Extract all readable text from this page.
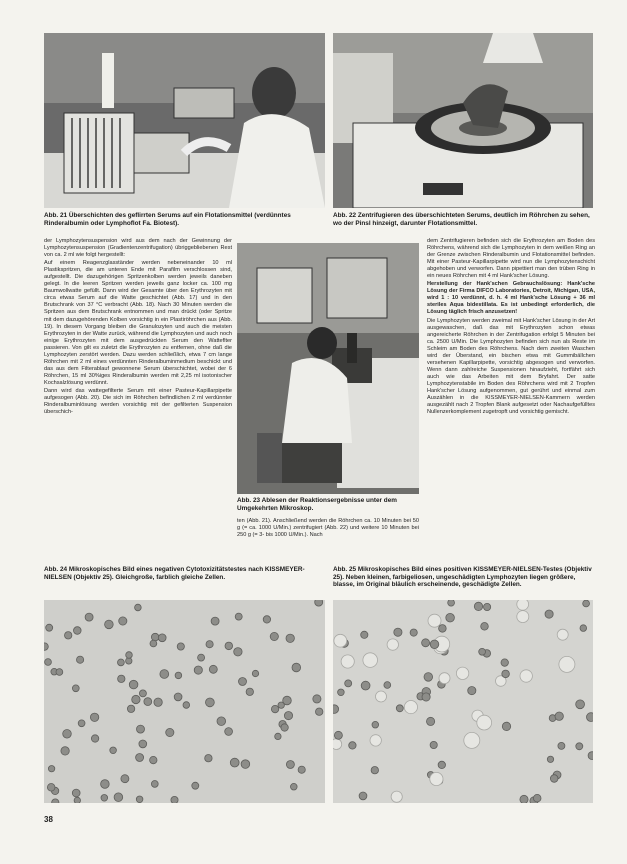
Abb. 21 Überschichten des geflirrten Serums auf ein Flotationsmittel (verdünntes Rinderalbumin oder Lymphoflot Fa. Biotest).
Abb. 22 Zentrifugieren des überschichteten Serums, deutlich im Röhrchen zu sehen, wo der Pinsl hinzeigt, darunter Flotationsmittel.

der Lymphozytensuspension wird aus dem nach der Gewinnung der Lymphozytensuspension (Gradientenzentrifugation) übriggebliebenen Rest von ca. 2 ml wie folgt hergestellt:

Auf einem Reagenzglasständer werden nebeneinander 10 ml Plastikspritzen, die am unteren Ende mit Parafilm verschlossen sind, aufgestellt. Die dazugehörigen Spritzenkolben werden jeweils daneben gelegt. In die leeren Spritzen werden jeweils ganz locker ca. 100 mg Baumwollwatte gefüllt. Dann wird der Gesamte über den Erythrozyten mit circa etwas Serum auf die Watte geschichtet (Abb. 17) und in den Brutschrank von 37 °C verbracht (Abb. 18). Nach 30 Minuten werden die Spritzen aus dem Brutschrank entnommen und man drückt (oder Spritze mit dem dazugehörenden Kolben vorsichtig in ein Plastiröhrchen aus (Abb. 19). In diesem Vorgang bleiben die Granulozyten und auch die meisten Erythrozyten in der Watte zurück, während die Lymphozyten und auch noch einige Erythrozyten mit dem ausgedrückten Serum den Watteflter passieren. Von gilt es zuletzt die Erythrozyten zu entfernen, ohne daß die Lymphozyten zerstört werden. Dazu werden schließlich, etwa 7 cm lange Röhrchen mit 2 ml eines verdünnten Rinderalbuminmedium beschickt und das aus dem Filterablauf gewonnene Serum überschichtet, wobei der 6 Röhrchen, 15 ml 30%iges Rinderalbumin werden mit 2,25 ml isotonischer Kochsalzlösung verdünnt.

Dann wird das wattegefilterte Serum mit einer Pasteur-Kapillarpipette aufgesogen (Abb. 20). Die sich im Röhrchen befindlichen 2 ml verdünnter Rinderalbuminlösung werden vorsichtig mit der gefilterten Suspension überschich-

Abb. 23 Ablesen der Reaktionsergebnisse unter dem Umgekehrten Mikroskop.
ten (Abb. 21). Anschließend werden die Röhrchen ca. 10 Minuten bei 50 g (= ca. 1000 U/Min.) zentrifugiert (Abb. 22) und weitere 10 Minuten bei 250 g (= 3- bis 1000 U/Min.). Nach

dem Zentrifugieren befinden sich die Erythrozyten am Boden des Röhrchens, während sich die Lymphozyten in dem weißen Ring an der Grenze zwischen Rinderalbumin und Flotationsmittel befinden. Mit einer Pasteur-Kapillarpipette wird nun die Lymphozytenschicht abgehoben und verworfen. Dann pipettiert man den trüben Ring in ein neues Röhrchen mit 4 ml Hank'scher Lösung.

Herstellung der Hank'schen Gebrauchslösung: Hank'sche Lösung der Firma DIFCO Laboratories, Detroit, Michigan, USA, wird 1 : 10 verdünnt, d. h. 4 ml Hank'sche Lösung + 36 ml steriles Aqua bidestillata. Es ist unbedingt erforderlich, die Lösung täglich frisch anzusetzen!

Die Lymphozyten werden zweimal mit Hank'scher Lösung in der Art ausgewaschen, daß das mit Erythrozyten schon etwas angereicherte Röhrchen in der Zentrifugation erfolgt 5 Minuten bei ca. 2500 U/Min. Die Lymphozyten befinden sich nun als Reste im Schleim am Boden des Röhrchens. Nach dem zweiten Waschen wird der Überstand, ein bischen etwa mit Gummibällchen versehenen Kapillarpipette, vorsichtig abgesogen und verworfen. Wenn dann zahlreiche Suspensionen hinaufzieht, fortfährt sich auch wie das Arbeiten mit dem Bryfahrt. Der satte Lymphozytenstabile im Boden des Röhrchens wird mit 2 Tropfen Hank'scher Lösung aufgenommen, gut gerührt und einmal zum Auszählen in die KISSMEYER-NIELSEN-Kammern werden ausgezählt nach 2 Tropfen Blank aufgesetzt oder Nachaufgefülltes Nullenzerkomplement zugetropft und vorsichtig gemischt.

Abb. 24 Mikroskopisches Bild eines negativen Cytotoxizitätstestes nach KISSMEYER-NIELSEN (Objektiv 25). Gleichgroße, farblich gleiche Zellen.
Abb. 25 Mikroskopisches Bild eines positiven KISSMEYER-NIELSEN-Testes (Objektiv 25). Neben kleinen, farbigeliosen, ungeschädigten Lymphozyten liegen größere, blasse, im Original bläulich erscheinende, geschädigte Zellen.
38
